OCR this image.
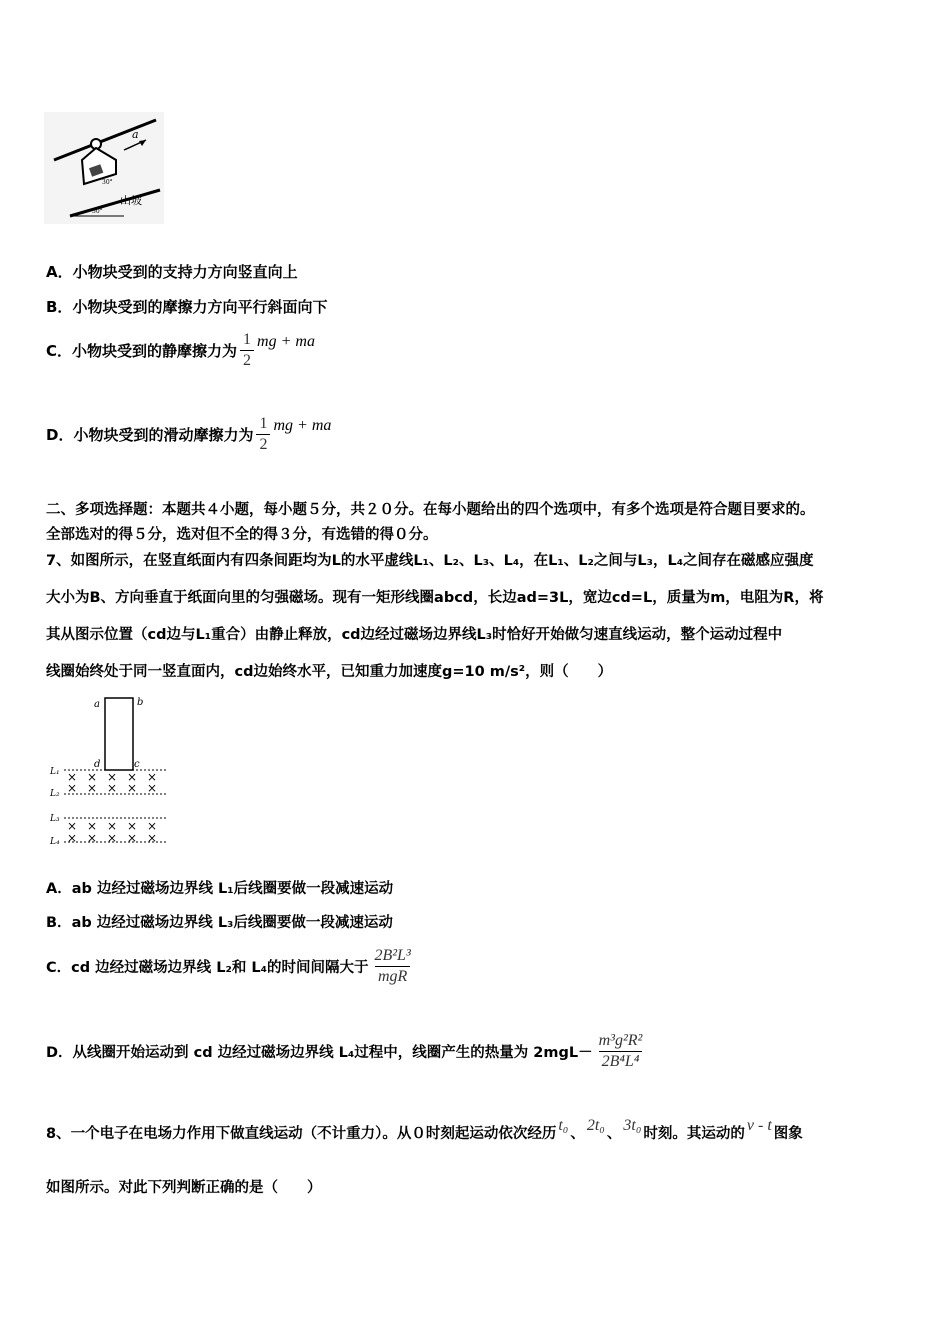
a
30°
30°
山坡
A．小物块受到的支持力方向竖直向上
B．小物块受到的摩擦力方向平行斜面向下
C． 小物块受到的静摩擦力为 $\frac{1}{2}$ mg + ma
D． 小物块受到的滑动摩擦力为 $\frac{1}{2}$ mg + ma
二、多项选择题：本题共４小题，每小题５分，共２０分。在每小题给出的四个选项中，有多个选项是符合题目要求的。
全部选对的得５分，选对但不全的得３分，有选错的得０分。
7、如图所示，在竖直纸面内有四条间距均为L的水平虚线L₁、L₂、L₃、L₄，在L₁、L₂之间与L₃，L₄之间存在磁感应强度
大小为B、方向垂直于纸面向里的匀强磁场。现有一矩形线圈abcd，长边ad=3L，宽边cd=L，质量为m，电阻为R，将
其从图示位置（cd边与L₁重合）由静止释放，cd边经过磁场边界线L₃时恰好开始做匀速直线运动，整个运动过程中
线圈始终处于同一竖直面内，cd边始终水平，已知重力加速度g=10 m/s²，则（　　）
a	b
d	c
L₁
L₂
L₃
L₄
× × × × ×
× × × × ×
× × × × ×
× × × × ×
A．ab 边经过磁场边界线 L₁后线圈要做一段减速运动
B．ab 边经过磁场边界线 L₃后线圈要做一段减速运动
C． cd 边经过磁场边界线 L₂和 L₄的时间间隔大于 $\frac{\text{2B²L³}}{\text{mgR}}$
D． 从线圈开始运动到 cd 边经过磁场边界线 L₄过程中，线圈产生的热量为 $2mgL- \frac{\text{m³g²R²}}{\text{2B⁴L⁴}}$
8、一个电子在电场力作用下做直线运动（不计重力）。从０时刻起运动依次经历 t₀ 、 2t₀ 、 3t₀ 时刻。其运动的 v - t 图象
如图所示。对此下列判断正确的是（　　）
